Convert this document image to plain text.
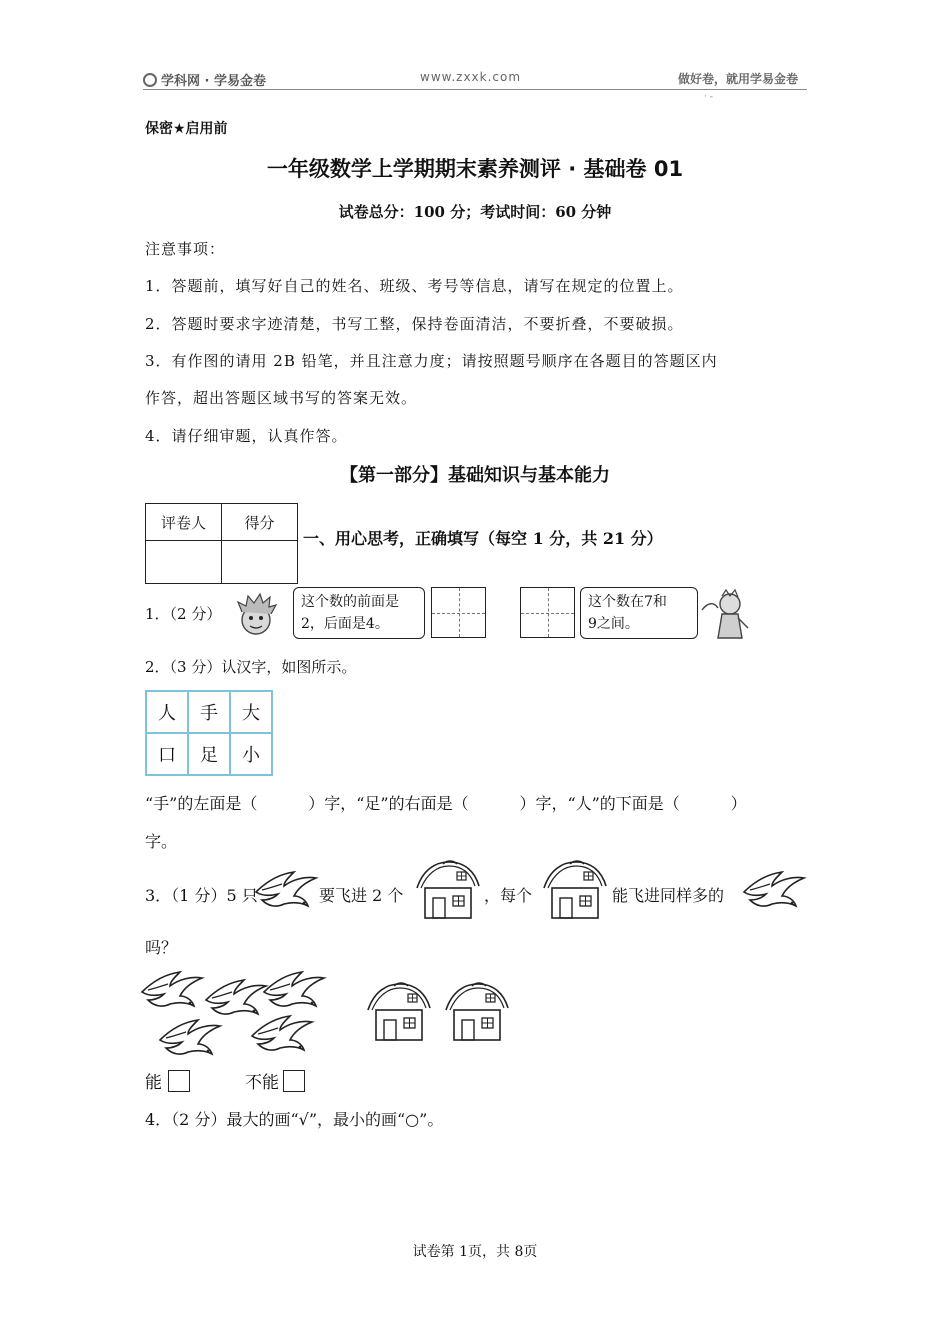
学科网 · 学易金卷	www.zxxk.com	做好卷，就用学易金卷
· -
保密★启用前
一年级数学上学期期末素养测评 · 基础卷 01
试卷总分：100 分；考试时间：60 分钟
注意事项：
1．答题前，填写好自己的姓名、班级、考号等信息，请写在规定的位置上。
2．答题时要求字迹清楚，书写工整，保持卷面清洁，不要折叠，不要破损。
3．有作图的请用 2B 铅笔，并且注意力度；请按照题号顺序在各题目的答题区内
作答，超出答题区域书写的答案无效。
4．请仔细审题，认真作答。
【第一部分】基础知识与基本能力
评卷人	得分

一、用心思考，正确填写（每空 1 分，共 21 分）
1．（2 分）
这个数的前面是
2，后面是4。
这个数在7和
9之间。
2．（3 分）认汉字，如图所示。
人	手	大
口	足	小
“手”的左面是（          ）字，“足”的右面是（          ）字，“人”的下面是（          ）
字。
3．（1 分）5 只	要飞进 2 个	，每个	能飞进同样多的
吗？
能	不能
4．（2 分）最大的画“√”，最小的画“○”。
试卷第 1页，共 8页
